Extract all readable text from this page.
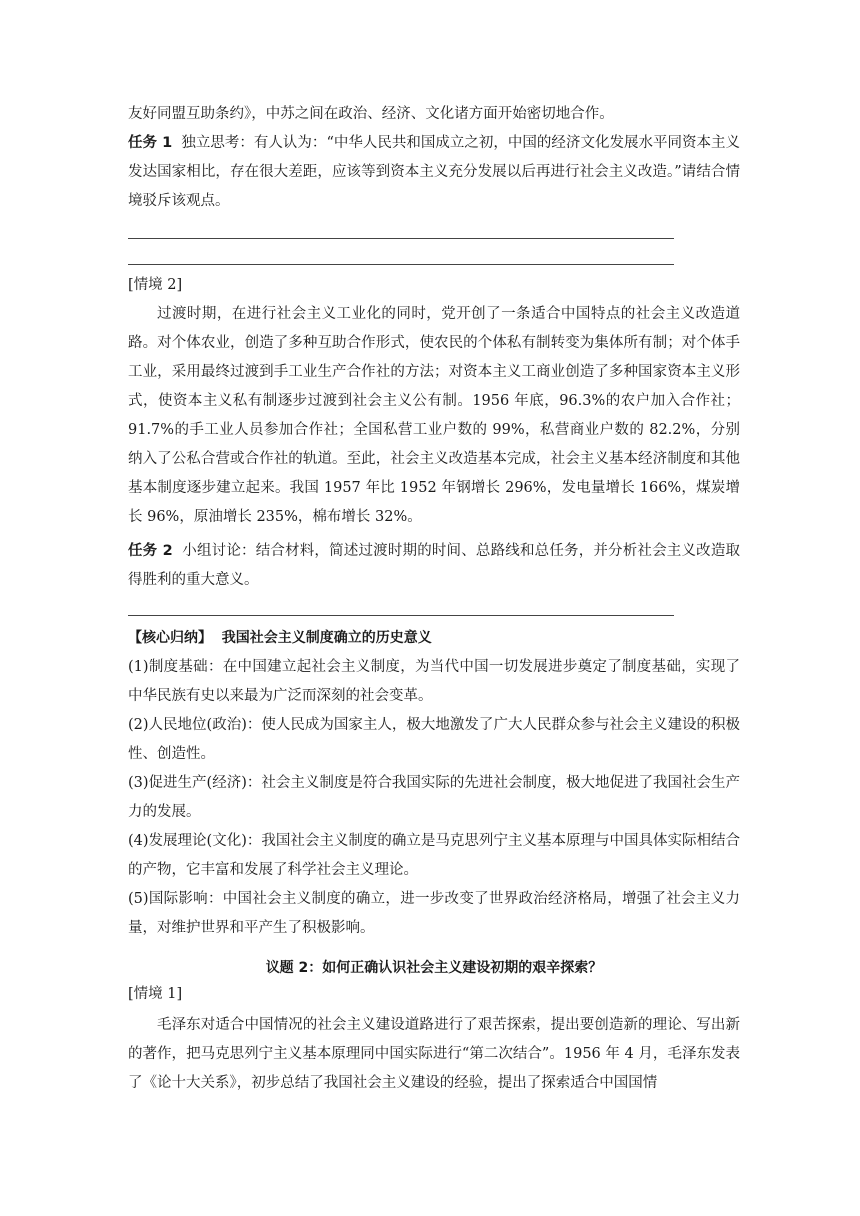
友好同盟互助条约》，中苏之间在政治、经济、文化诸方面开始密切地合作。

任务 1 独立思考：有人认为：“中华人民共和国成立之初，中国的经济文化发展水平同资本主义发达国家相比，存在很大差距，应该等到资本主义充分发展以后再进行社会主义改造。”请结合情境驳斥该观点。

[情境 2]

过渡时期，在进行社会主义工业化的同时，党开创了一条适合中国特点的社会主义改造道路。对个体农业，创造了多种互助合作形式，使农民的个体私有制转变为集体所有制；对个体手工业，采用最终过渡到手工业生产合作社的方法；对资本主义工商业创造了多种国家资本主义形式，使资本主义私有制逐步过渡到社会主义公有制。1956 年底，96.3%的农户加入合作社；91.7%的手工业人员参加合作社；全国私营工业户数的 99%，私营商业户数的 82.2%，分别纳入了公私合营或合作社的轨道。至此，社会主义改造基本完成，社会主义基本经济制度和其他基本制度逐步建立起来。我国 1957 年比 1952 年钢增长 296%，发电量增长 166%，煤炭增长 96%，原油增长 235%，棉布增长 32%。

任务 2 小组讨论：结合材料，简述过渡时期的时间、总路线和总任务，并分析社会主义改造取得胜利的重大意义。

【核心归纳】 我国社会主义制度确立的历史意义

(1)制度基础：在中国建立起社会主义制度，为当代中国一切发展进步奠定了制度基础，实现了中华民族有史以来最为广泛而深刻的社会变革。

(2)人民地位(政治)：使人民成为国家主人，极大地激发了广大人民群众参与社会主义建设的积极性、创造性。

(3)促进生产(经济)：社会主义制度是符合我国实际的先进社会制度，极大地促进了我国社会生产力的发展。

(4)发展理论(文化)：我国社会主义制度的确立是马克思列宁主义基本原理与中国具体实际相结合的产物，它丰富和发展了科学社会主义理论。

(5)国际影响：中国社会主义制度的确立，进一步改变了世界政治经济格局，增强了社会主义力量，对维护世界和平产生了积极影响。

议题 2：如何正确认识社会主义建设初期的艰辛探索？

[情境 1]

毛泽东对适合中国情况的社会主义建设道路进行了艰苦探索，提出要创造新的理论、写出新的著作，把马克思列宁主义基本原理同中国实际进行“第二次结合”。1956 年 4 月，毛泽东发表了《论十大关系》，初步总结了我国社会主义建设的经验，提出了探索适合中国国情
